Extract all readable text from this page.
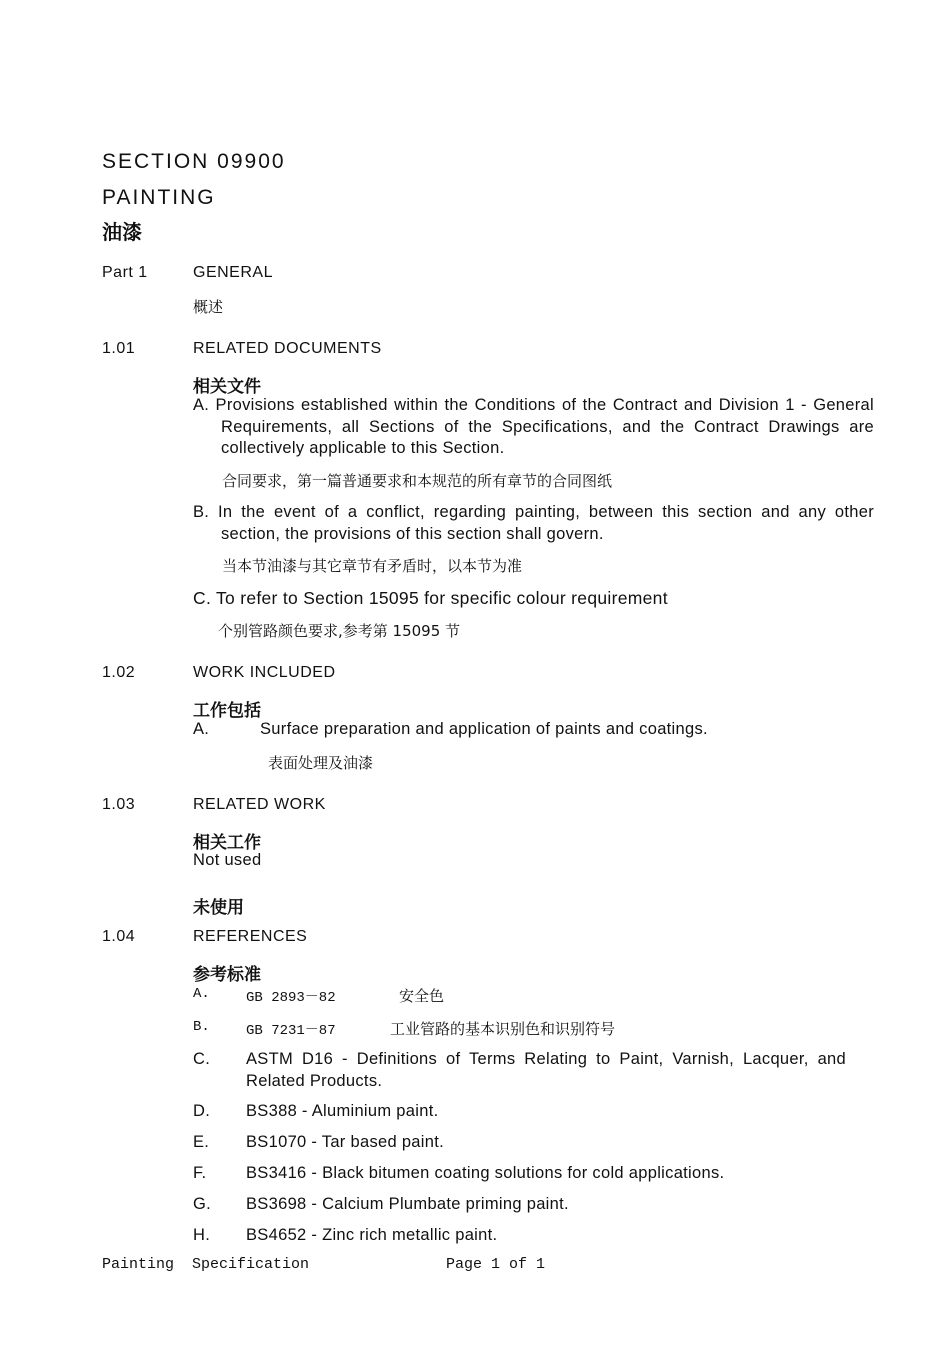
SECTION 09900
PAINTING
油漆
Part 1	GENERAL
概述
1.01	RELATED DOCUMENTS
相关文件
A. Provisions established within the Conditions of the Contract and Division 1 - General Requirements, all Sections of the Specifications, and the Contract Drawings are collectively applicable to this Section.
合同要求，第一篇普通要求和本规范的所有章节的合同图纸
B. In the event of a conflict, regarding painting, between this section and any other section, the provisions of this section shall govern.
当本节油漆与其它章节有矛盾时，以本节为准
C. To refer to Section 15095 for specific colour requirement
个别管路颜色要求,参考第 15095 节
1.02	WORK INCLUDED
工作包括
A.	Surface preparation and application of paints and coatings.
表面处理及油漆
1.03	RELATED WORK
相关工作
Not used
未使用
1.04	REFERENCES
参考标准
A.	GB 2893－82	安全色
B.	GB 7231－87	工业管路的基本识别色和识别符号
C. ASTM D16 - Definitions of Terms Relating to Paint, Varnish, Lacquer, and Related Products.
D. BS388 - Aluminium paint.
E. BS1070 - Tar based paint.
F. BS3416 - Black bitumen coating solutions for cold applications.
G. BS3698 - Calcium Plumbate priming paint.
H. BS4652 - Zinc rich metallic paint.
Painting  Specification	Page 1 of 1
